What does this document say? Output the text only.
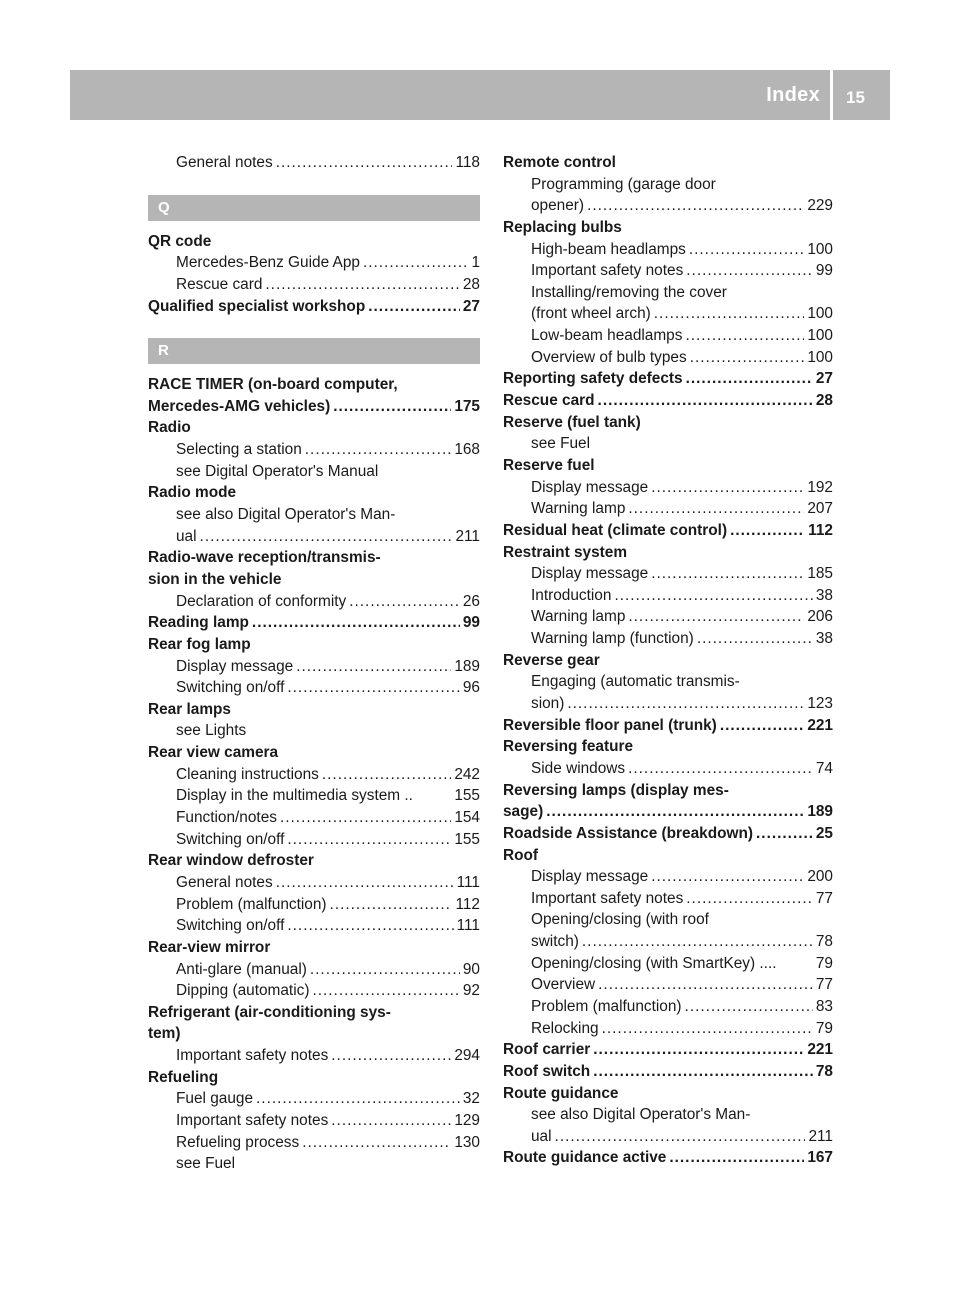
Index 15
General notes .....	118
Q
QR code
Mercedes-Benz Guide App .....	1
Rescue card .....	28
Qualified specialist workshop .....	27
R
RACE TIMER (on-board computer,
Mercedes-AMG vehicles) .....	175
Radio
Selecting a station .....	168
see Digital Operator's Manual
Radio mode
see also Digital Operator's Man-
ual .....	211
Radio-wave reception/transmis-
sion in the vehicle
Declaration of conformity .....	26
Reading lamp .....	99
Rear fog lamp
Display message .....	189
Switching on/off .....	96
Rear lamps
see Lights
Rear view camera
Cleaning instructions .....	242
Display in the multimedia system ..	155
Function/notes .....	154
Switching on/off .....	155
Rear window defroster
General notes .....	111
Problem (malfunction) .....	112
Switching on/off .....	111
Rear-view mirror
Anti-glare (manual) .....	90
Dipping (automatic) .....	92
Refrigerant (air-conditioning sys-
tem)
Important safety notes .....	294
Refueling
Fuel gauge .....	32
Important safety notes .....	129
Refueling process .....	130
see Fuel
Remote control
Programming (garage door
opener) .....	229
Replacing bulbs
High-beam headlamps .....	100
Important safety notes .....	99
Installing/removing the cover
(front wheel arch) .....	100
Low-beam headlamps .....	100
Overview of bulb types .....	100
Reporting safety defects .....	27
Rescue card .....	28
Reserve (fuel tank)
see Fuel
Reserve fuel
Display message .....	192
Warning lamp .....	207
Residual heat (climate control) .....	112
Restraint system
Display message .....	185
Introduction .....	38
Warning lamp .....	206
Warning lamp (function) .....	38
Reverse gear
Engaging (automatic transmis-
sion) .....	123
Reversible floor panel (trunk) .....	221
Reversing feature
Side windows .....	74
Reversing lamps (display mes-
sage) .....	189
Roadside Assistance (breakdown) .....	25
Roof
Display message .....	200
Important safety notes .....	77
Opening/closing (with roof
switch) .....	78
Opening/closing (with SmartKey) ....	79
Overview .....	77
Problem (malfunction) .....	83
Relocking .....	79
Roof carrier .....	221
Roof switch .....	78
Route guidance
see also Digital Operator's Man-
ual .....	211
Route guidance active .....	167
